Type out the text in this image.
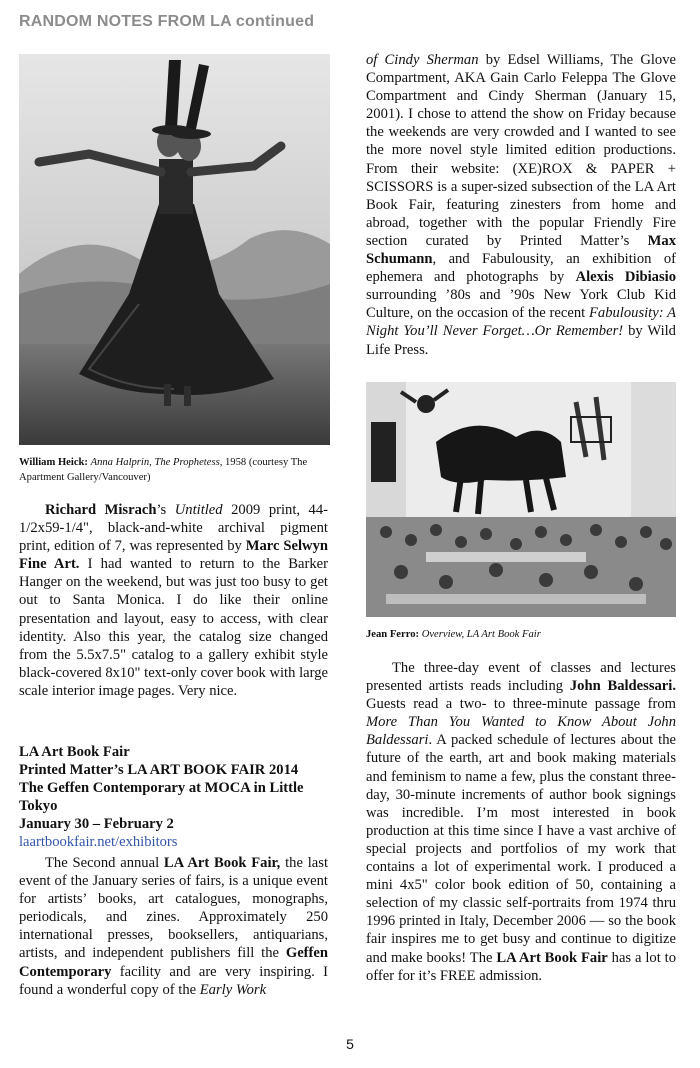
RANDOM NOTES FROM LA continued
William Heick: Anna Halprin, The Prophetess, 1958 (courtesy The Apartment Gallery/Vancouver)

Richard Misrach’s Untitled 2009 print, 44-1/2x59-1/4", black-and-white archival pigment print, edition of 7, was represented by Marc Selwyn Fine Art. I had wanted to return to the Barker Hanger on the weekend, but was just too busy to get out to Santa Monica. I do like their online presentation and layout, easy to access, with clear identity. Also this year, the catalog size changed from the 5.5x7.5" catalog to a gallery exhibit style black-covered 8x10" text-only cover book with large scale interior image pages. Very nice.

LA Art Book Fair
Printed Matter’s LA ART BOOK FAIR 2014
The Geffen Contemporary at MOCA in Little Tokyo
January 30 – February 2
laartbookfair.net/exhibitors

The Second annual LA Art Book Fair, the last event of the January series of fairs, is a unique event for artists’ books, art catalogues, monographs, periodicals, and zines. Approximately 250 international presses, booksellers, antiquarians, artists, and independent publishers fill the Geffen Contemporary facility and are very inspiring. I found a wonderful copy of the Early Work

of Cindy Sherman by Edsel Williams, The Glove Compartment, AKA Gain Carlo Feleppa The Glove Compartment and Cindy Sherman (January 15, 2001). I chose to attend the show on Friday because the weekends are very crowded and I wanted to see the more novel style limited edition productions. From their website: (XE)ROX & PAPER + SCISSORS is a super-sized subsection of the LA Art Book Fair, featuring zinesters from home and abroad, together with the popular Friendly Fire section curated by Printed Matter’s Max Schumann, and Fabulousity, an exhibition of ephemera and photographs by Alexis Dibiasio surrounding ’80s and ’90s New York Club Kid Culture, on the occasion of the recent Fabulousity: A Night You’ll Never Forget…Or Remember! by Wild Life Press.

Jean Ferro: Overview, LA Art Book Fair

The three-day event of classes and lectures presented artists reads including John Baldessari. Guests read a two- to three-minute passage from More Than You Wanted to Know About John Baldessari. A packed schedule of lectures about the future of the earth, art and book making materials and feminism to name a few, plus the constant three-day, 30-minute increments of author book signings was incredible. I’m most interested in book production at this time since I have a vast archive of special projects and portfolios of my work that contains a lot of experimental work. I produced a mini 4x5" color book edition of 50, containing a selection of my classic self-portraits from 1974 thru 1996 printed in Italy, December 2006 — so the book fair inspires me to get busy and continue to digitize and make books! The LA Art Book Fair has a lot to offer for it’s FREE admission.

5
